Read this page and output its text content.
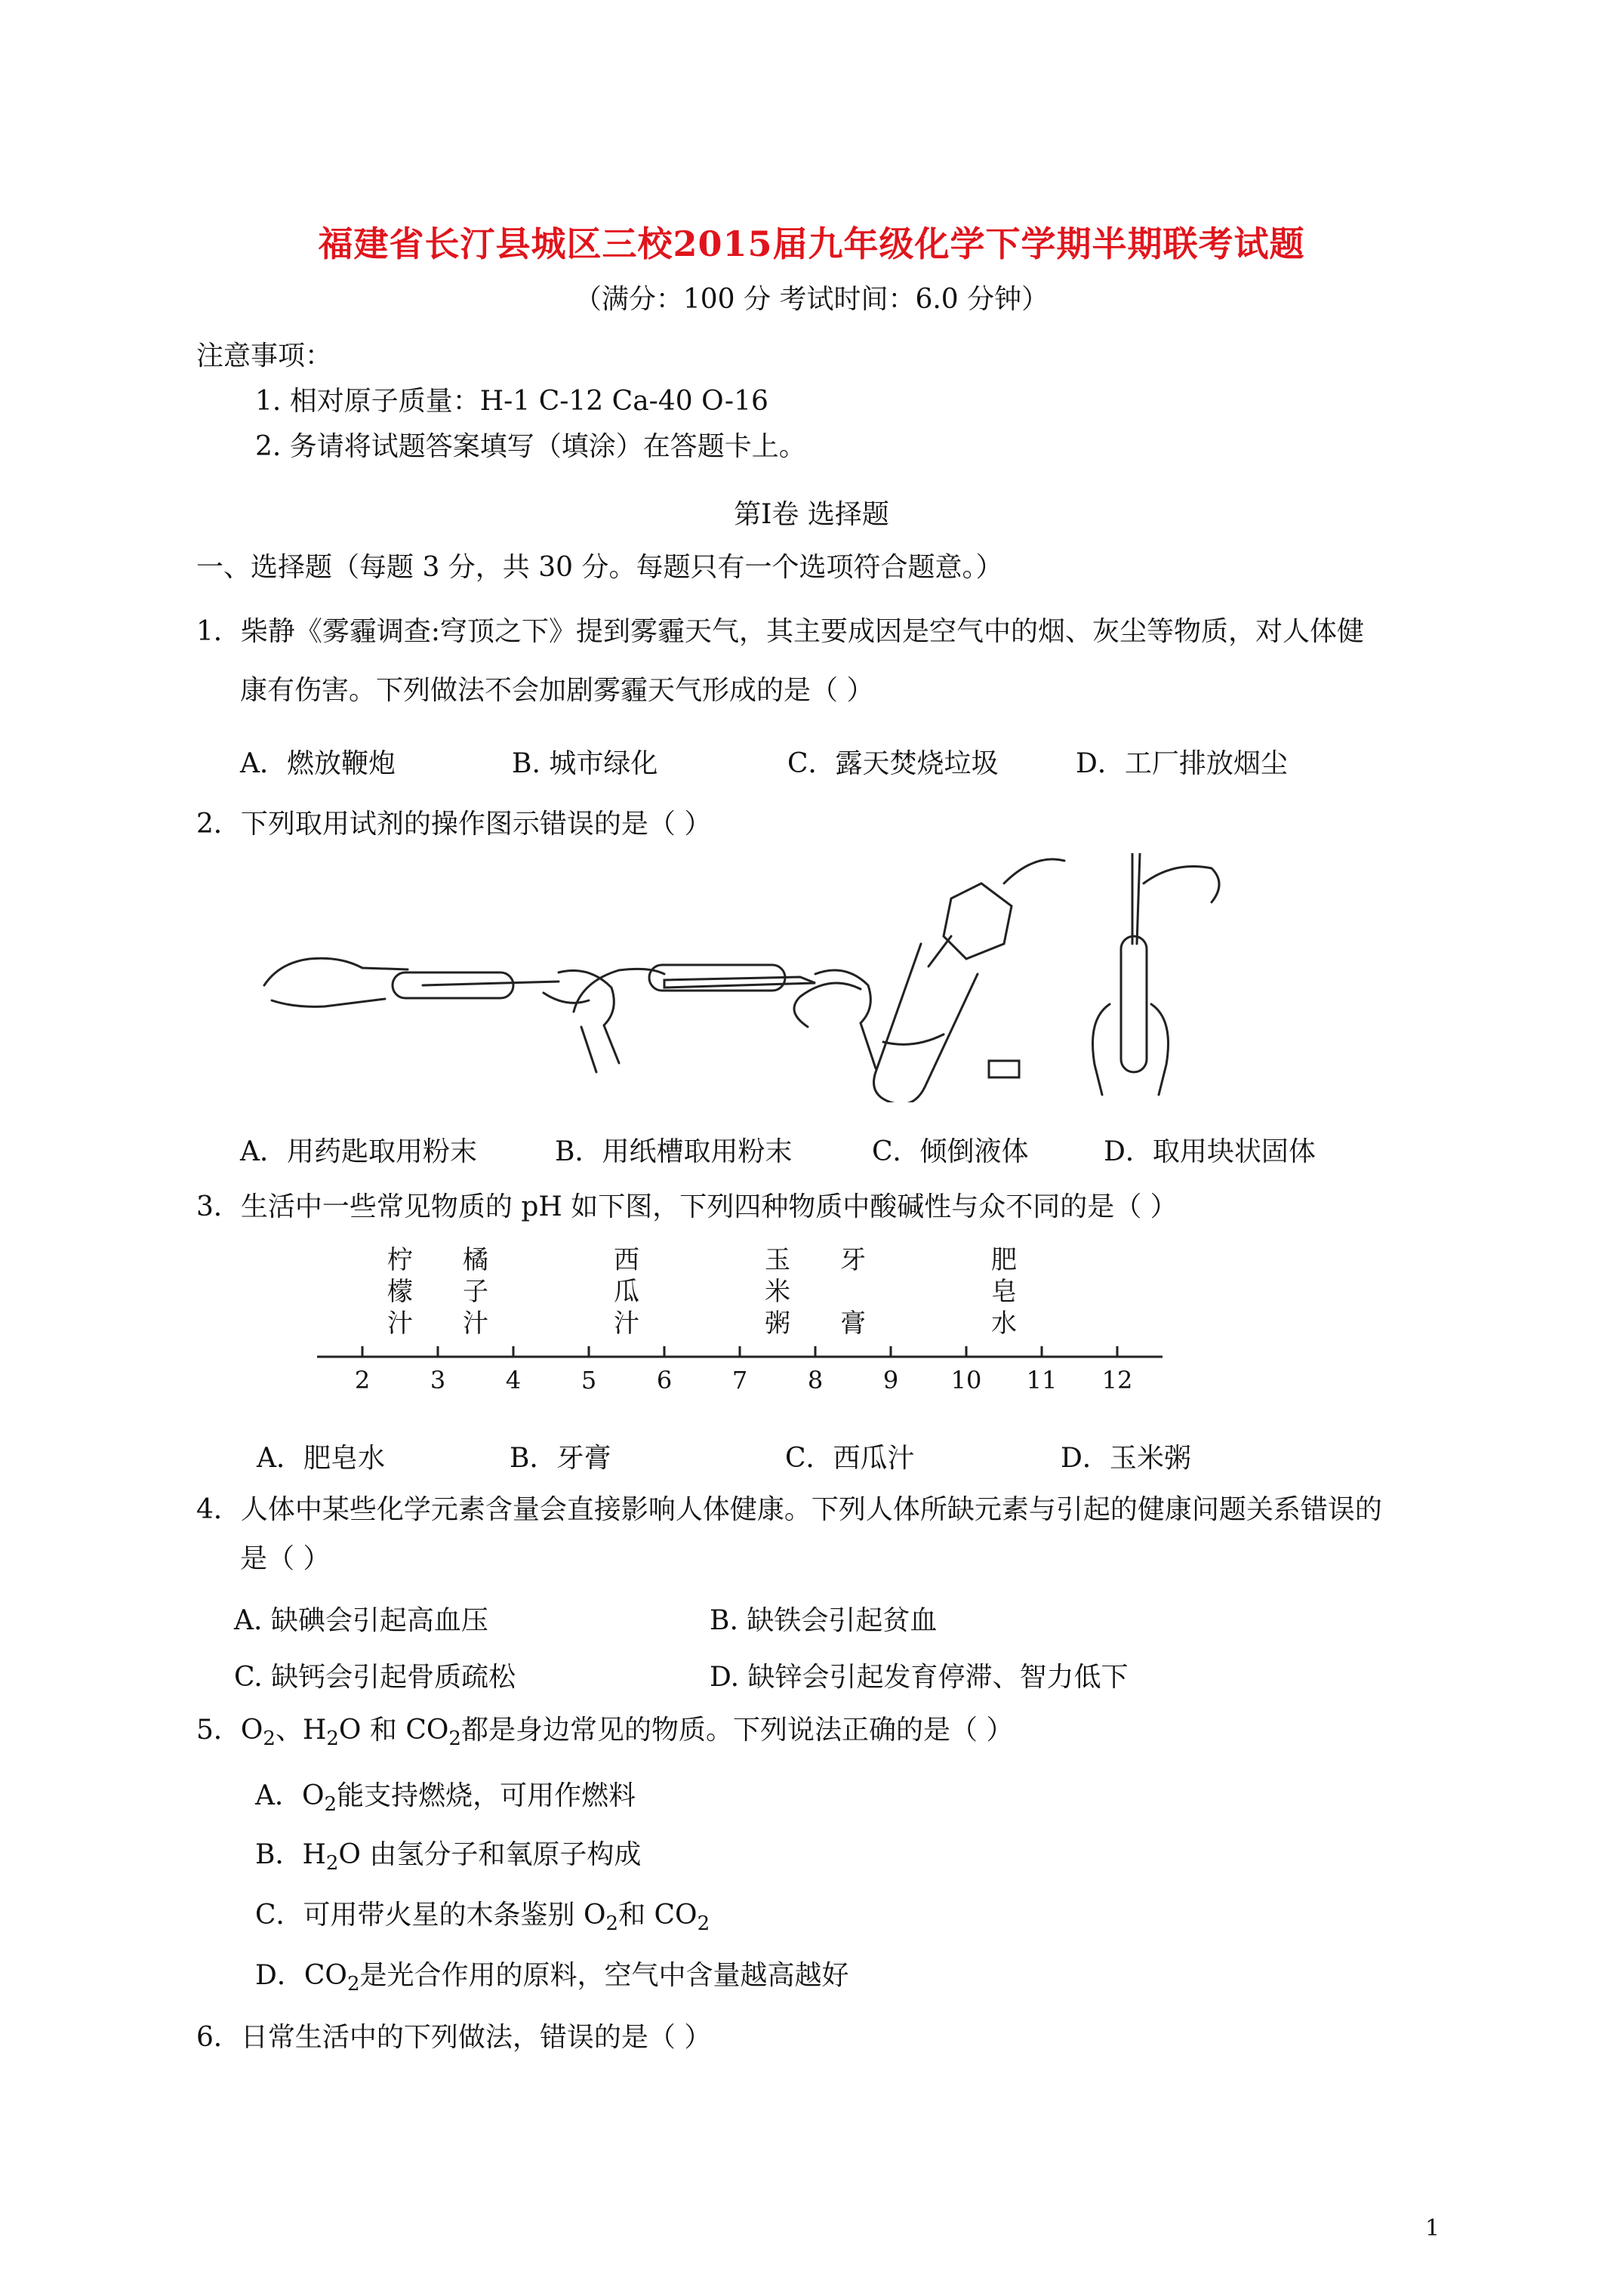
福建省长汀县城区三校2015届九年级化学下学期半期联考试题
（满分：100 分 考试时间：6.0 分钟）
注意事项：
1. 相对原子质量：H-1 C-12 Ca-40 O-16
2. 务请将试题答案填写（填涂）在答题卡上。
第Ⅰ卷 选择题
一、选择题（每题 3 分，共 30 分。每题只有一个选项符合题意。）
1．柴静《雾霾调查:穹顶之下》提到雾霾天气，其主要成因是空气中的烟、灰尘等物质，对人体健
康有伤害。下列做法不会加剧雾霾天气形成的是（ ）
A．燃放鞭炮	B. 城市绿化	C．露天焚烧垃圾	D．工厂排放烟尘
2．下列取用试剂的操作图示错误的是（ ）
A．用药匙取用粉末	B．用纸槽取用粉末	C．倾倒液体	D．取用块状固体
3．生活中一些常见物质的 pH 如下图，下列四种物质中酸碱性与众不同的是（ ）
2 3 4 5 6 7 8 9 10 11 12
柠
檬
汁
橘
子
汁
西
瓜
汁
玉
米
粥
牙
膏
肥
皂
水
A．肥皂水	B．牙膏	C．西瓜汁	D．玉米粥
4．人体中某些化学元素含量会直接影响人体健康。下列人体所缺元素与引起的健康问题关系错误的
是（ ）
A. 缺碘会引起高血压	B. 缺铁会引起贫血
C. 缺钙会引起骨质疏松	D. 缺锌会引起发育停滞、智力低下
5．$O_2$、$H_2O$ 和 $CO_2$都是身边常见的物质。下列说法正确的是（ ）
A．$O_2$能支持燃烧，可用作燃料
B．$H_2O$ 由氢分子和氧原子构成
C．可用带火星的木条鉴别 $O_2$和 $CO_2$
D．$CO_2$是光合作用的原料，空气中含量越高越好
6．日常生活中的下列做法，错误的是（ ）
1
